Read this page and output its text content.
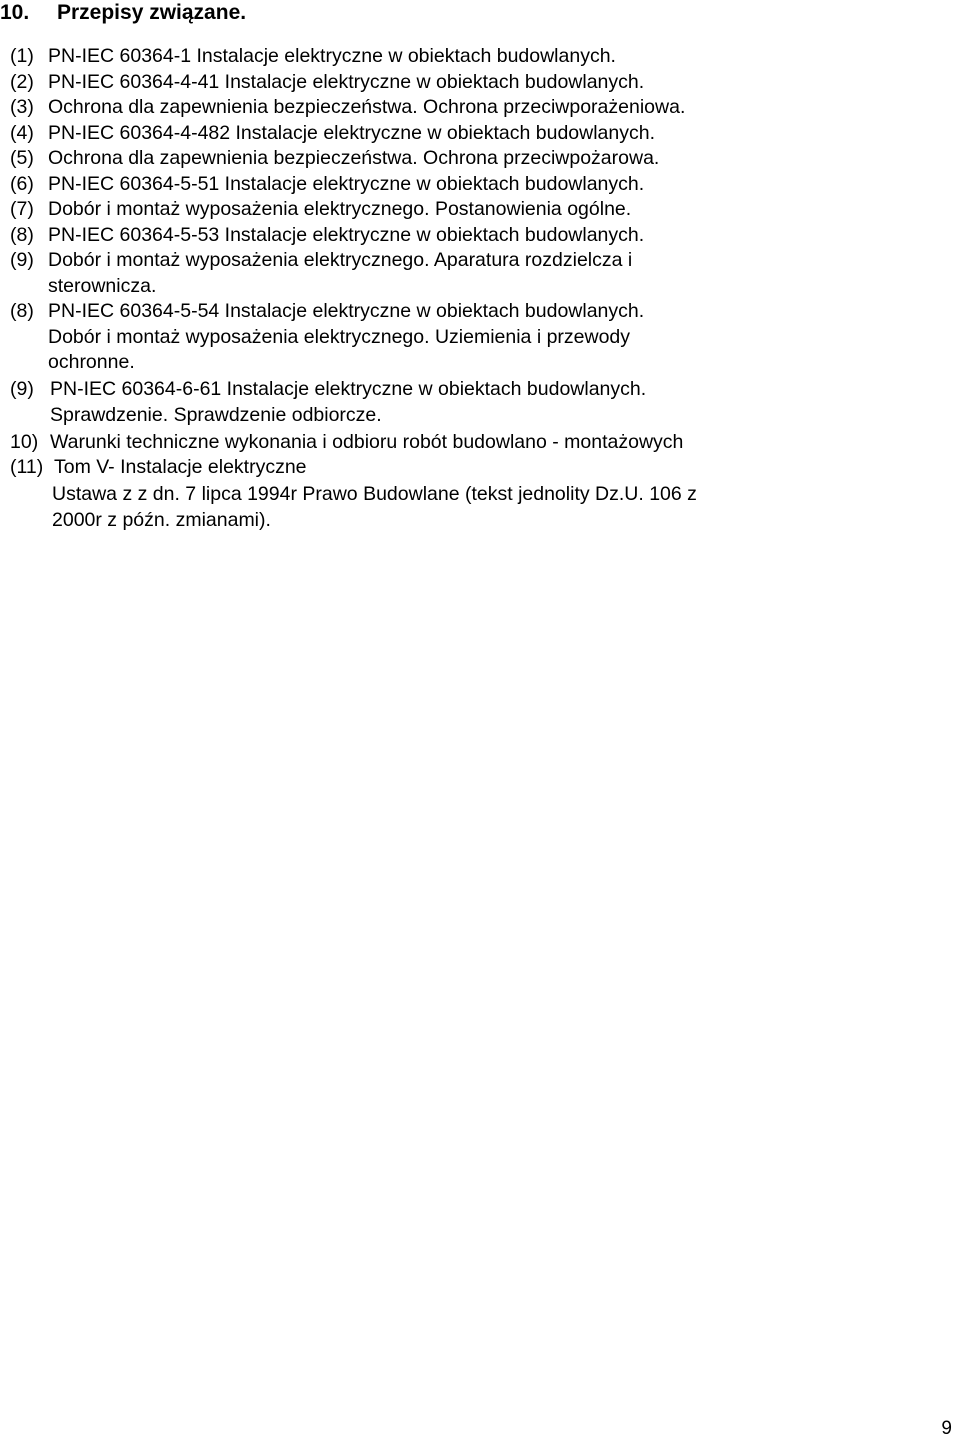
10. Przepisy związane.
(1) PN-IEC 60364-1 Instalacje elektryczne w obiektach budowlanych.
(2) PN-IEC 60364-4-41 Instalacje elektryczne w obiektach budowlanych.
(3) Ochrona dla zapewnienia bezpieczeństwa. Ochrona przeciwporażeniowa.
(4) PN-IEC 60364-4-482 Instalacje elektryczne w obiektach budowlanych.
(5) Ochrona dla zapewnienia bezpieczeństwa. Ochrona przeciwpożarowa.
(6) PN-IEC 60364-5-51 Instalacje elektryczne w obiektach budowlanych.
(7) Dobór i montaż wyposażenia elektrycznego. Postanowienia ogólne.
(8) PN-IEC 60364-5-53 Instalacje elektryczne w obiektach budowlanych.
(9) Dobór i montaż wyposażenia elektrycznego. Aparatura rozdzielcza i
sterownicza.
(8) PN-IEC 60364-5-54 Instalacje elektryczne w obiektach budowlanych.
Dobór i montaż wyposażenia elektrycznego. Uziemienia i przewody
ochronne.
(9) PN-IEC 60364-6-61 Instalacje elektryczne w obiektach budowlanych.
Sprawdzenie. Sprawdzenie odbiorcze.
10) Warunki techniczne wykonania i odbioru robót budowlano - montażowych
(11) Tom V- Instalacje elektryczne
Ustawa z z dn. 7 lipca 1994r Prawo Budowlane (tekst jednolity Dz.U. 106 z
2000r z późn. zmianami).
9
